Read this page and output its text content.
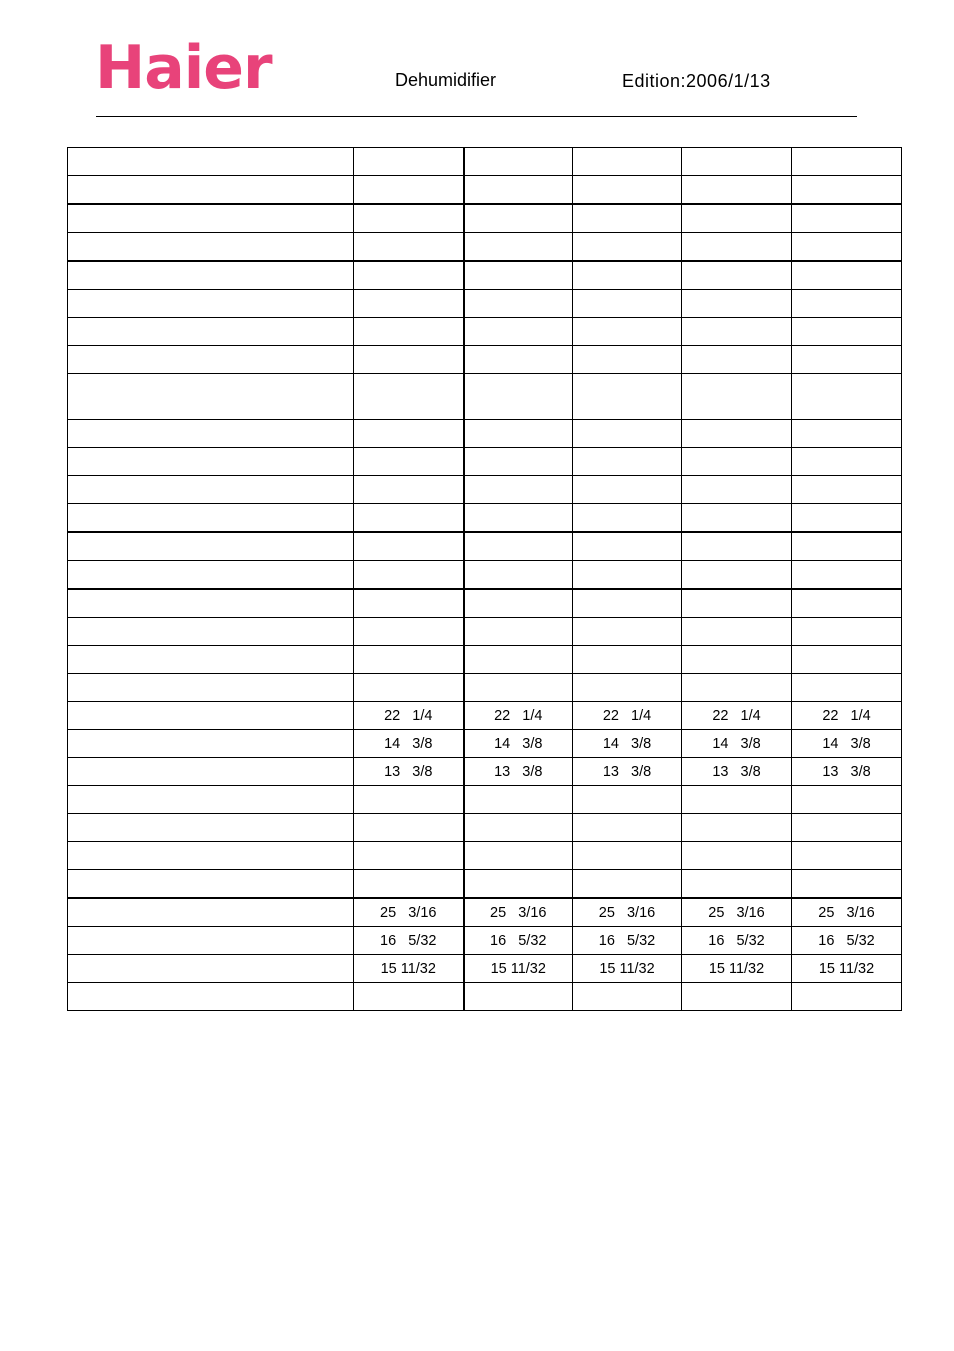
Haier	Dehumidifier	Edition:2006/1/13

	22   1/4	22   1/4	22   1/4	22   1/4	22   1/4
	14   3/8	14   3/8	14   3/8	14   3/8	14   3/8
	13   3/8	13   3/8	13   3/8	13   3/8	13   3/8

	25   3/16	25   3/16	25   3/16	25   3/16	25   3/16
	16   5/32	16   5/32	16   5/32	16   5/32	16   5/32
	15 11/32	15 11/32	15 11/32	15 11/32	15 11/32
